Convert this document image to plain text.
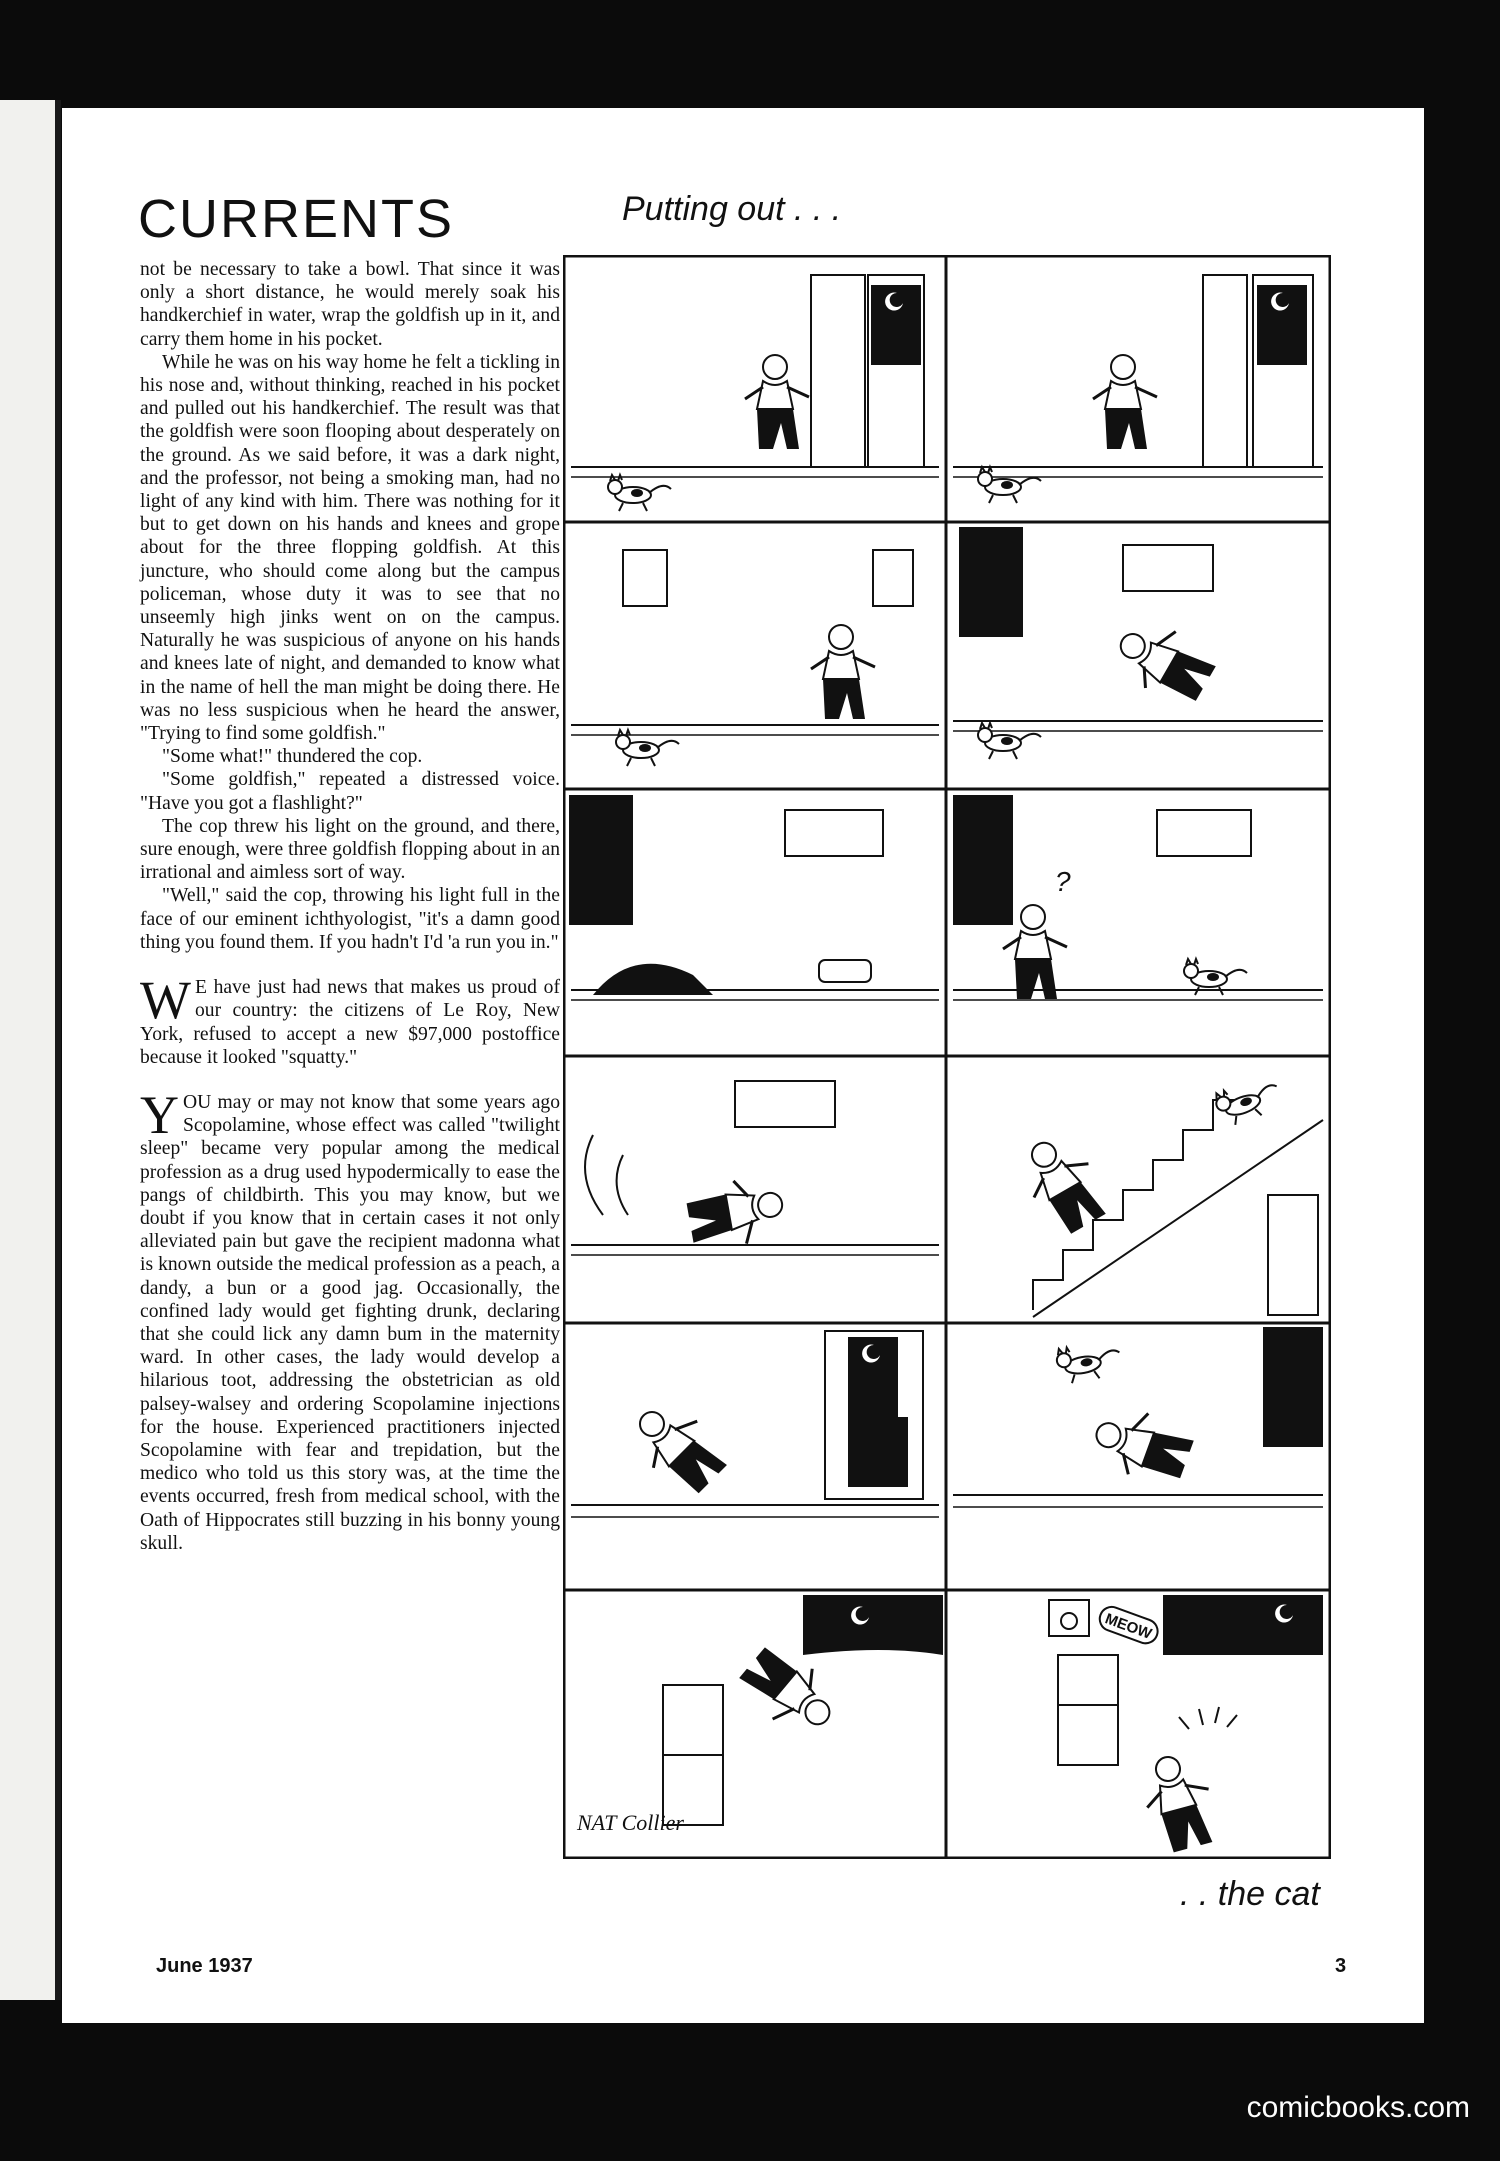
CURRENTS

not be necessary to take a bowl. That since it was only a short distance, he would merely soak his handkerchief in water, wrap the goldfish up in it, and carry them home in his pocket.

While he was on his way home he felt a tickling in his nose and, without thinking, reached in his pocket and pulled out his handkerchief. The result was that the goldfish were soon flooping about desperately on the ground. As we said before, it was a dark night, and the professor, not being a smoking man, had no light of any kind with him. There was nothing for it but to get down on his hands and knees and grope about for the three flopping goldfish. At this juncture, who should come along but the campus policeman, whose duty it was to see that no unseemly high jinks went on on the campus. Naturally he was suspicious of anyone on his hands and knees late of night, and demanded to know what in the name of hell the man might be doing there. He was no less suspicious when he heard the answer, "Trying to find some goldfish."

"Some what!" thundered the cop.

"Some goldfish," repeated a distressed voice. "Have you got a flashlight?"

The cop threw his light on the ground, and there, sure enough, were three goldfish flopping about in an irrational and aimless sort of way.

"Well," said the cop, throwing his light full in the face of our eminent ichthyologist, "it's a damn good thing you found them. If you hadn't I'd 'a run you in."

W E have just had news that makes us proud of our country: the citizens of Le Roy, New York, refused to accept a new $97,000 postoffice because it looked "squatty."

YOU may or may not know that some years ago Scopolamine, whose effect was called "twilight sleep" became very popular among the medical profession as a drug used hypodermically to ease the pangs of childbirth. This you may know, but we doubt if you know that in certain cases it not only alleviated pain but gave the recipient madonna what is known outside the medical profession as a peach, a dandy, a bun or a good jag. Occasionally, the confined lady would get fighting drunk, declaring that she could lick any damn bum in the maternity ward. In other cases, the lady would develop a hilarious toot, addressing the obstetrician as old palsey-walsey and ordering Scopolamine injections for the house. Experienced practitioners injected Scopolamine with fear and trepidation, but the medico who told us this story was, at the time the events occurred, fresh from medical school, with the Oath of Hippocrates still buzzing in his bonny young skull.

Putting out . . .
?
NAT Collier
MEOW
. . the cat
June 1937	3
comicbooks.com
